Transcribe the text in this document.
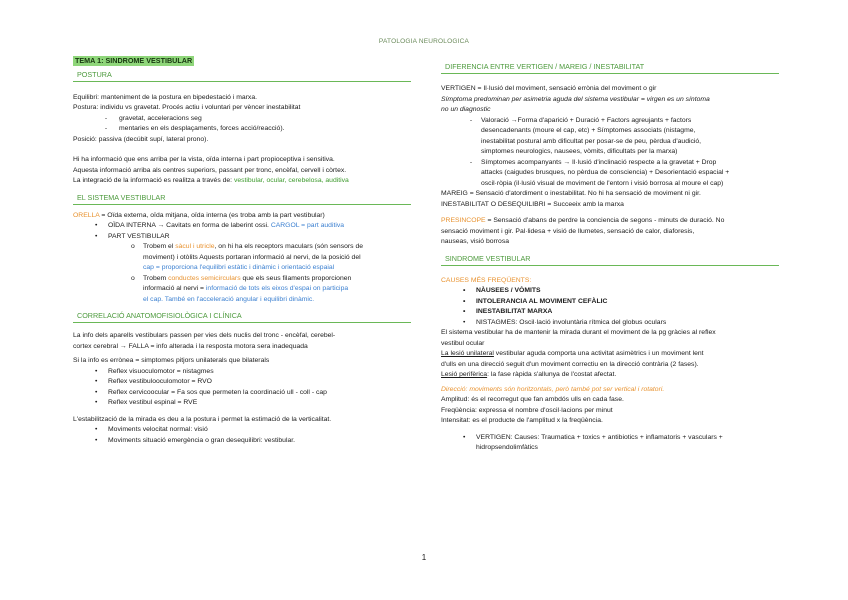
PATOLOGIA NEUROLOGICA
TEMA 1: SINDROME VESTIBULAR
POSTURA

Equilibri: manteniment de la postura en bipedestació i marxa.

Postura: individu vs gravetat. Procés actiu i voluntari per vèncer inestabilitat

- gravetat, acceleracions seg

- mentaries en els desplaçaments, forces acció/reacció).

Posició: passiva (decúbit supí, lateral prono).

Hi ha informació que ens arriba per la vista, oïda interna i part propioceptiva i sensitiva.

Aquesta informació arriba als centres superiors, passant per tronc, encèfal, cervell i còrtex.

La integració de la informació es realitza a través de: vestibular, ocular, cerebelosa, auditiva

EL SISTEMA VESTIBULAR

ORELLA = Oïda externa, oïda mitjana, oïda interna (es troba amb la part vestibular)

• OÏDA INTERNA → Cavitats en forma de laberint ossi. CARGOL = part auditiva

• PART VESTIBULAR

o Trobem el sàcul i utricle, on hi ha els receptors maculars (són sensors de

moviment) i otòlits Aquests portaran informació al nervi, de la posició del

cap = proporciona l'equilibri estàtic i dinàmic i orientació espaial

o Trobem conductes semicirculars que els seus filaments proporcionen

informació al nervi = informació de tots els eixos d'espai on participa

el cap. També en l'acceleració angular i equilibri dinàmic.

CORRELACIÓ ANATOMOFISIOLÒGICA I CLÍNICA

La info dels aparells vestibulars passen per vies dels nuclis del tronc - encèfal, cerebel-

cortex cerebral → FALLA = info alterada i la resposta motora sera inadequada

Si la info es errònea = simptomes pitjors unilaterals que bilaterals

• Reflex visuoculomotor = nistagmes

• Reflex vestibulooculomotor = RVO

• Reflex cervicoocular = Fa sos que permeten la coordinació ull - coll - cap

• Reflex vestibul espinal = RVE

L'estabilització de la mirada es deu a la postura i permet la estimació de la verticalitat.

• Moviments velocitat normal: visió

• Moviments situació emergència o gran desequilibri: vestibular.

DIFERENCIA ENTRE VERTIGEN / MAREIG / INESTABILITAT

VERTIGEN = Il·lusió del moviment, sensació errònia del moviment o gir

Símptoma predominan per asimetria aguda del sistema vestibular = virgen es un síntoma

no un diagnostic

- Valoració →Forma d'aparició + Duració + Factors agreujants + factors

desencadenants (moure el cap, etc) + Símptomes associats (nistagme,

inestabilitat postural amb dificultat per posar-se de peu, pèrdua d'audició,

simptomes neurologics, nausees, vòmits, dificultats per la marxa)

- Símptomes acompanyants → Il·lusió d'inclinació respecte a la gravetat + Drop

attacks (caigudes brusques, no pèrdua de consciencia) + Desorientació espacial +

oscil·ròpia (il·lusió visual de moviment de l'entorn i visió borrosa al moure el cap)

MAREIG = Sensació d'atordiment o inestabilitat. No hi ha sensació de moviment ni gir.

INESTABILITAT O DESEQUILIBRI = Succeeix amb la marxa

PRESINCOPE = Sensació d'abans de perdre la conciencia de segons - minuts de duració. No

sensació moviment i gir. Pal·lidesa + visió de llumetes, sensació de calor, diaforesis,

nauseas, visió borrosa

SINDROME VESTIBULAR

CAUSES MÉS FREQÜENTS:

• NÀUSEES / VÒMITS

• INTOLERANCIA AL MOVIMENT CEFÀLIC

• INESTABILITAT MARXA

• NISTAGMES: Oscil·lació involuntària rítmica del globus oculars

El sistema vestibular ha de mantenir la mirada durant el moviment de la pg gràcies al reflex

vestibul ocular

La lesió unilateral vestibular aguda comporta una activitat asimètrics i un moviment lent

d'ulls en una direcció seguit d'un moviment correctiu en la direcció contrària (2 fases).

Lesió perifèrica: la fase ràpida s'allunya de l'costat afectat.

Direcció: moviments són horitzontals, però també pot ser vertical i rotatori.

Amplitud: és el recorregut que fan ambdós ulls en cada fase.

Freqüència: expressa el nombre d'oscil·lacions per minut

Intensitat: es el producte de l'amplitud x la freqüència.

• VERTIGEN: Causes: Traumatica + toxics + antibiotics + inflamatoris + vasculars +

hidropsendolimfàtics

1
